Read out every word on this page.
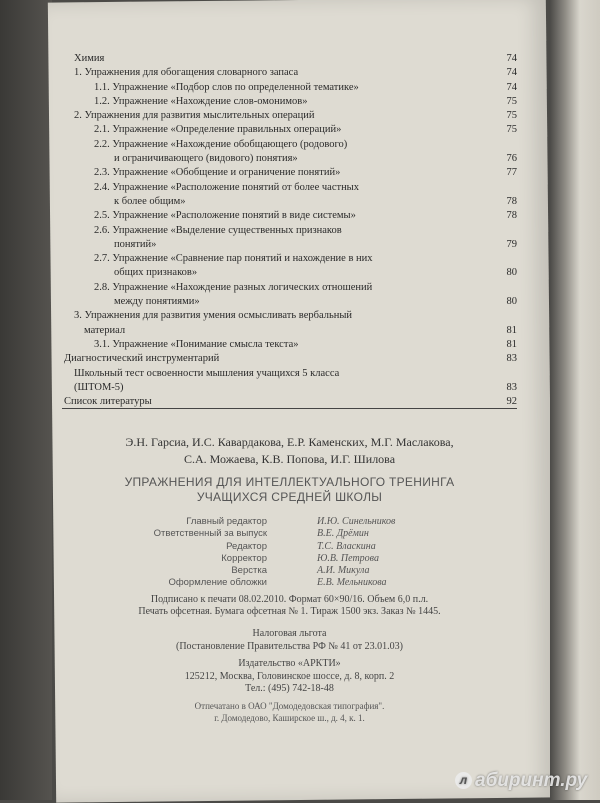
Химия	74
1. Упражнения для обогащения словарного запаса	74
1.1. Упражнение «Подбор слов по определенной тематике»	74
1.2. Упражнение «Нахождение слов-омонимов»	75
2. Упражнения для развития мыслительных операций	75
2.1. Упражнение «Определение правильных операций»	75
2.2. Упражнение «Нахождение обобщающего (родового)
и ограничивающего (видового) понятия»	76
2.3. Упражнение «Обобщение и ограничение понятий»	77
2.4. Упражнение «Расположение понятий от более частных
к более общим»	78
2.5. Упражнение «Расположение понятий в виде системы»	78
2.6. Упражнение «Выделение существенных признаков
понятий»	79
2.7. Упражнение «Сравнение пар понятий и нахождение в них
общих признаков»	80
2.8. Упражнение «Нахождение разных логических отношений
между понятиями»	80
3. Упражнения для развития умения осмысливать вербальный
материал	81
3.1. Упражнение «Понимание смысла текста»	81
Диагностический инструментарий	83
Школьный тест освоенности мышления учащихся 5 класса
(ШТОМ-5)	83
Список литературы	92
Э.Н. Гарсиа, И.С. Кавардакова, Е.Р. Каменских, М.Г. Маслакова,
С.А. Можаева, К.В. Попова, И.Г. Шилова
УПРАЖНЕНИЯ ДЛЯ ИНТЕЛЛЕКТУАЛЬНОГО ТРЕНИНГА
УЧАЩИХСЯ СРЕДНЕЙ ШКОЛЫ
Главный редактор	И.Ю. Синельников
Ответственный за выпуск	В.Е. Дрёмин
Редактор	Т.С. Власкина
Корректор	Ю.В. Петрова
Верстка	А.И. Микула
Оформление обложки	Е.В. Мельникова
Подписано к печати 08.02.2010. Формат 60×90/16. Объем 6,0 п.л.
Печать офсетная. Бумага офсетная № 1. Тираж 1500 экз. Заказ № 1445.
Налоговая льгота
(Постановление Правительства РФ № 41 от 23.01.03)
Издательство «АРКТИ»
125212, Москва, Головинское шоссе, д. 8, корп. 2
Тел.: (495) 742-18-48
Отпечатано в ОАО "Домодедовская типография".
г. Домодедово, Каширское ш., д. 4, к. 1.
л абиринт.ру
